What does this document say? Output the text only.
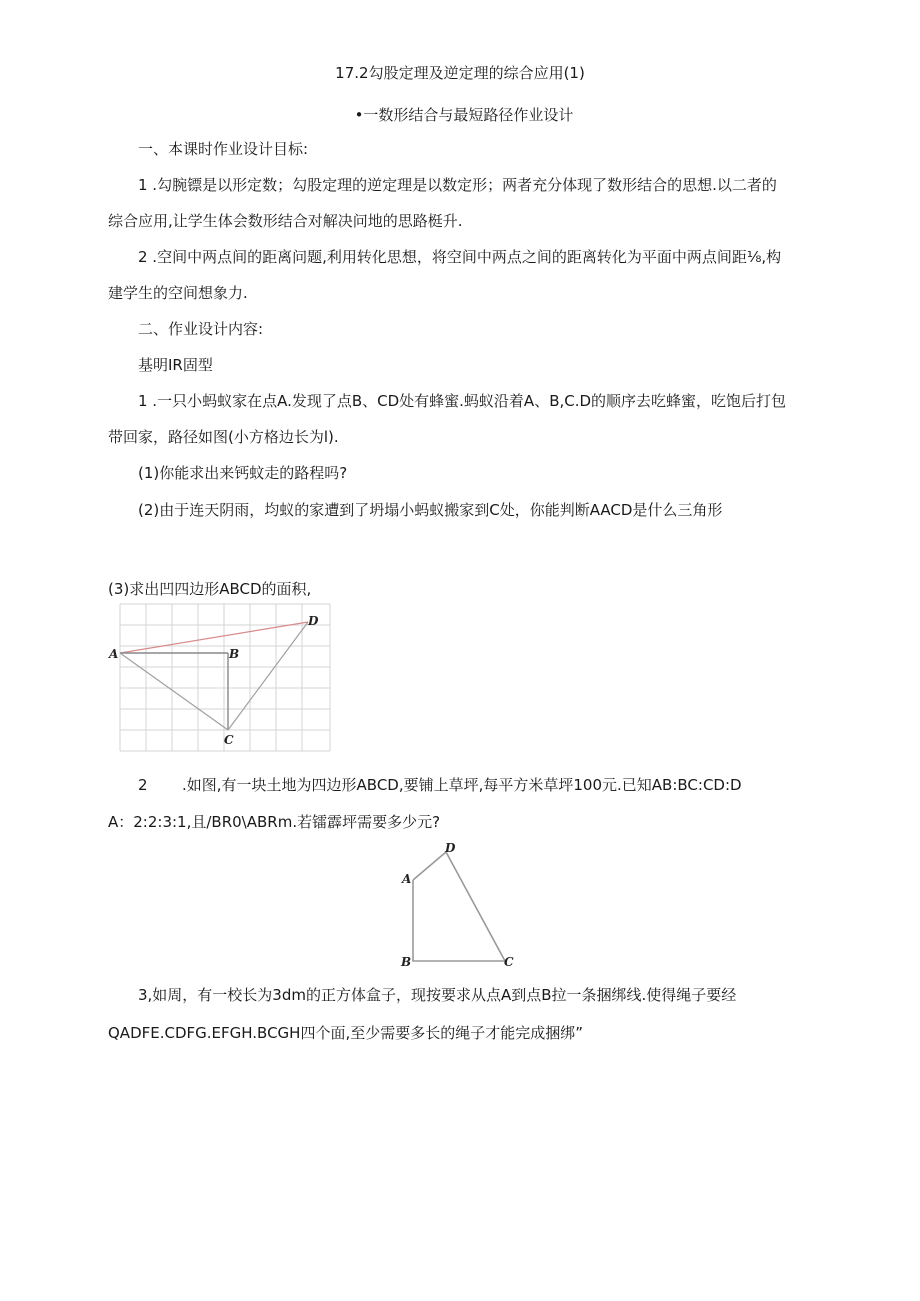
17.2勾股定理及逆定理的综合应用(1)

•一数形结合与最短路径作业设计

一、本课时作业设计目标:

1 .勾腕镖是以形定数；勾股定理的逆定理是以数定形；两者充分体现了数形结合的思想.以二者的

综合应用,让学生体会数形结合对解决问地的思路梃升.

2 .空间中两点间的距离问题,利用转化思想，将空间中两点之间的距离转化为平面中两点间距⅛,构

建学生的空间想象力.

二、作业设计内容:

基明IR固型

1 .一只小蚂蚁家在点A.发现了点B、CD处有蜂蜜.蚂蚁沿着A、B,C.D的顺序去吃蜂蜜，吃饱后打包

带回家，路径如图(小方格边长为l).

(1)你能求出来钙蚊走的路程吗?

(2)由于连天阴雨，均蚁的家遭到了坍塌小蚂蚁搬家到C处，你能判断AACD是什么三角形

(3)求出凹四边形ABCD的面积,

A	B
C
D

2 .如图,有一块土地为四边形ABCD,要铺上草坪,每平方米草坪100元.已知AB:BC:CD:D

A：2:2:3:1,且/BR0\ABRm.若镭霹坪需要多少元?

A
B	C
D

3,如周，有一校长为3dm的正方体盒子，现按要求从点A到点B拉一条捆绑线.使得绳子要经

QADFE.CDFG.EFGH.BCGH四个面,至少需要多长的绳子才能完成捆绑”
